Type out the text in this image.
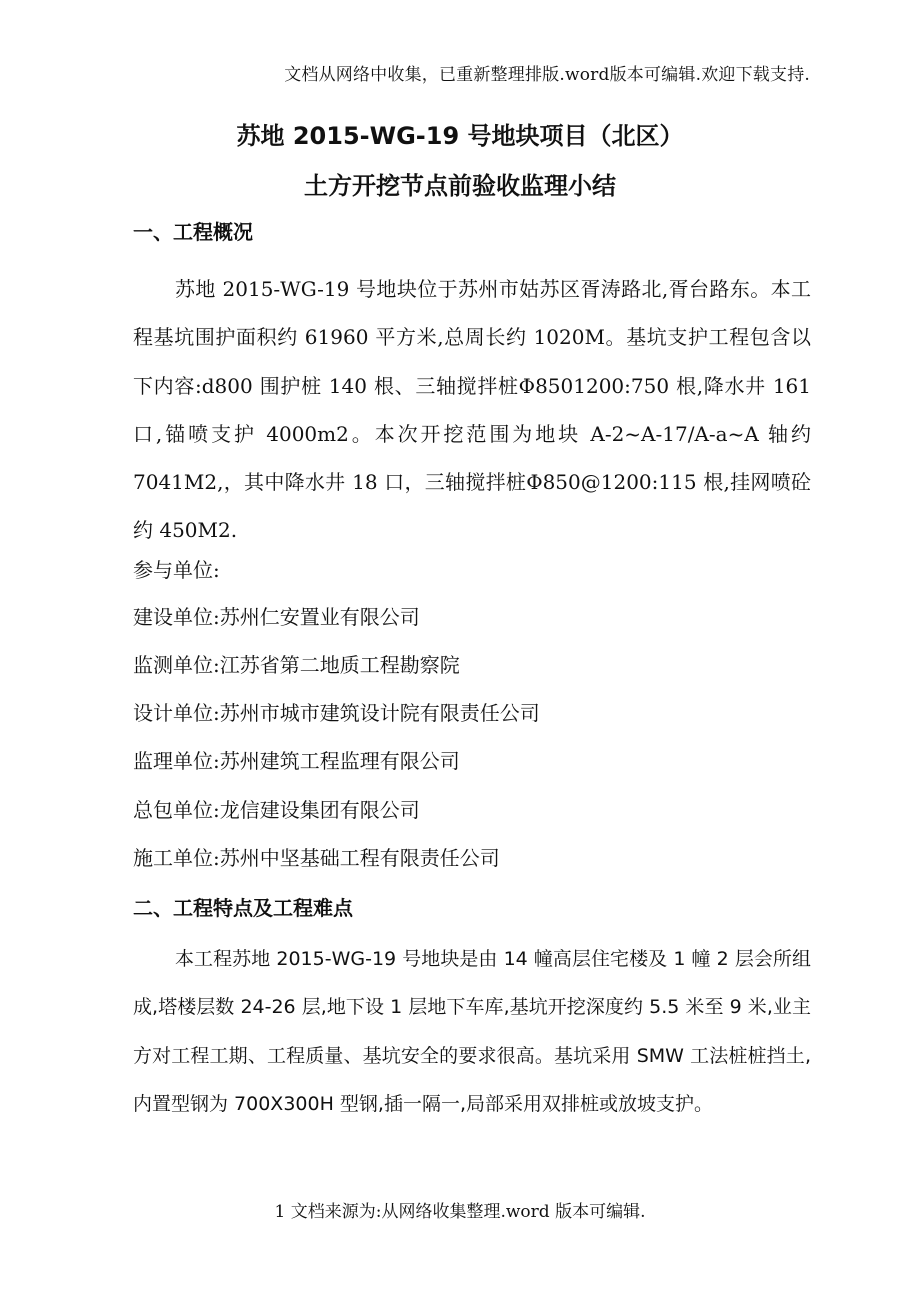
文档从网络中收集，已重新整理排版.word版本可编辑.欢迎下载支持.
苏地 2015-WG-19 号地块项目（北区）
土方开挖节点前验收监理小结
一、工程概况

苏地 2015-WG-19 号地块位于苏州市姑苏区胥涛路北,胥台路东。本工程基坑围护面积约 61960 平方米,总周长约 1020M。基坑支护工程包含以下内容:d800 围护桩 140 根、三轴搅拌桩Φ8501200:750 根,降水井 161 口,锚喷支护 4000m2。本次开挖范围为地块 A-2~A-17/A-a~A 轴约 7041M2,，其中降水井 18 口，三轴搅拌桩Φ850@1200:115 根,挂网喷砼约 450M2.

参与单位:
建设单位:苏州仁安置业有限公司
监测单位:江苏省第二地质工程勘察院
设计单位:苏州市城市建筑设计院有限责任公司
监理单位:苏州建筑工程监理有限公司
总包单位:龙信建设集团有限公司
施工单位:苏州中坚基础工程有限责任公司
二、工程特点及工程难点

本工程苏地 2015-WG-19 号地块是由 14 幢高层住宅楼及 1 幢 2 层会所组成,塔楼层数 24-26 层,地下设 1 层地下车库,基坑开挖深度约 5.5 米至 9 米,业主方对工程工期、工程质量、基坑安全的要求很高。基坑采用 SMW 工法桩桩挡土,内置型钢为 700X300H 型钢,插一隔一,局部采用双排桩或放坡支护。

1 文档来源为:从网络收集整理.word 版本可编辑.
